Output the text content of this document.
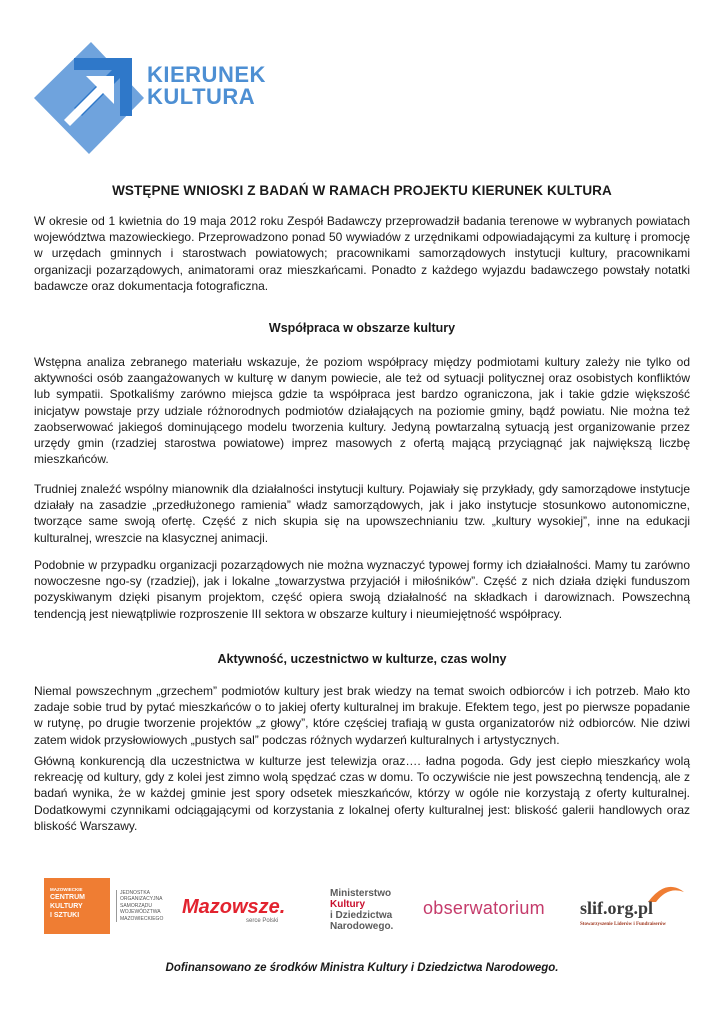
KIERUNEK
KULTURA
WSTĘPNE WNIOSKI Z BADAŃ W RAMACH PROJEKTU KIERUNEK KULTURA

W okresie od 1 kwietnia do 19 maja 2012 roku Zespół Badawczy przeprowadził badania terenowe w wybranych powiatach województwa mazowieckiego. Przeprowadzono ponad 50 wywiadów z urzędnikami odpowiadającymi za kulturę i promocję w urzędach gminnych i starostwach powiatowych; pracownikami samorządowych instytucji kultury, pracownikami organizacji pozarządowych, animatorami oraz mieszkańcami. Ponadto z każdego wyjazdu badawczego powstały notatki badawcze oraz dokumentacja fotograficzna.

Współpraca w obszarze kultury

Wstępna analiza zebranego materiału wskazuje, że poziom współpracy między podmiotami kultury zależy nie tylko od aktywności osób zaangażowanych w kulturę w danym powiecie, ale też od sytuacji politycznej oraz osobistych konfliktów lub sympatii. Spotkaliśmy zarówno miejsca gdzie ta współpraca jest bardzo ograniczona, jak i takie gdzie większość inicjatyw powstaje przy udziale różnorodnych podmiotów działających na poziomie gminy, bądź powiatu. Nie można też zaobserwować jakiegoś dominującego modelu tworzenia kultury. Jedyną powtarzalną sytuacją jest organizowanie przez urzędy gmin (rzadziej starostwa powiatowe) imprez masowych z ofertą mającą przyciągnąć jak największą liczbę mieszkańców.

Trudniej znaleźć wspólny mianownik dla działalności instytucji kultury. Pojawiały się przykłady, gdy samorządowe instytucje działały na zasadzie „przedłużonego ramienia” władz samorządowych, jak i jako instytucje stosunkowo autonomiczne, tworzące same swoją ofertę. Część z nich skupia się na upowszechnianiu tzw. „kultury wysokiej”, inne na edukacji kulturalnej, wreszcie na klasycznej animacji.

Podobnie w przypadku organizacji pozarządowych nie można wyznaczyć typowej formy ich działalności. Mamy tu zarówno nowoczesne ngo-sy (rzadziej), jak i lokalne „towarzystwa przyjaciół i miłośników”. Część z nich działa dzięki funduszom pozyskiwanym dzięki pisanym projektom, część opiera swoją działalność na składkach i darowiznach. Powszechną tendencją jest niewątpliwie rozproszenie III sektora w obszarze kultury i nieumiejętność współpracy.

Aktywność, uczestnictwo w kulturze, czas wolny

Niemal powszechnym „grzechem” podmiotów kultury jest brak wiedzy na temat swoich odbiorców i ich potrzeb. Mało kto zadaje sobie trud by pytać mieszkańców o to jakiej oferty kulturalnej im brakuje. Efektem tego, jest po pierwsze popadanie w rutynę, po drugie tworzenie projektów „z głowy”, które częściej trafiają w gusta organizatorów niż odbiorców. Nie dziwi zatem widok przysłowiowych „pustych sal” podczas różnych wydarzeń kulturalnych i artystycznych.

Główną konkurencją dla uczestnictwa w kulturze jest telewizja oraz…. ładna pogoda. Gdy jest ciepło mieszkańcy wolą rekreację od kultury, gdy z kolei jest zimno wolą spędzać czas w domu. To oczywiście nie jest powszechną tendencją, ale z badań wynika, że w każdej gminie jest spory odsetek mieszkańców, którzy w ogóle nie korzystają z oferty kulturalnej. Dodatkowymi czynnikami odciągającymi od korzystania z lokalnej oferty kulturalnej jest: bliskość galerii handlowych oraz bliskość Warszawy.

MAZOWIECKIE
CENTRUM
KULTURY
I SZTUKI
JEDNOSTKA
ORGANIZACYJNA
SAMORZĄDU
WOJEWÓDZTWA
MAZOWIECKIEGO
Mazowsze.
serce Polski
Ministerstwo
Kultury
i Dziedzictwa
Narodowego.
obserwatorium	slif.org.pl
Stowarzyszenie Liderów i Fundraiserów
Dofinansowano ze środków Ministra Kultury i Dziedzictwa Narodowego.
